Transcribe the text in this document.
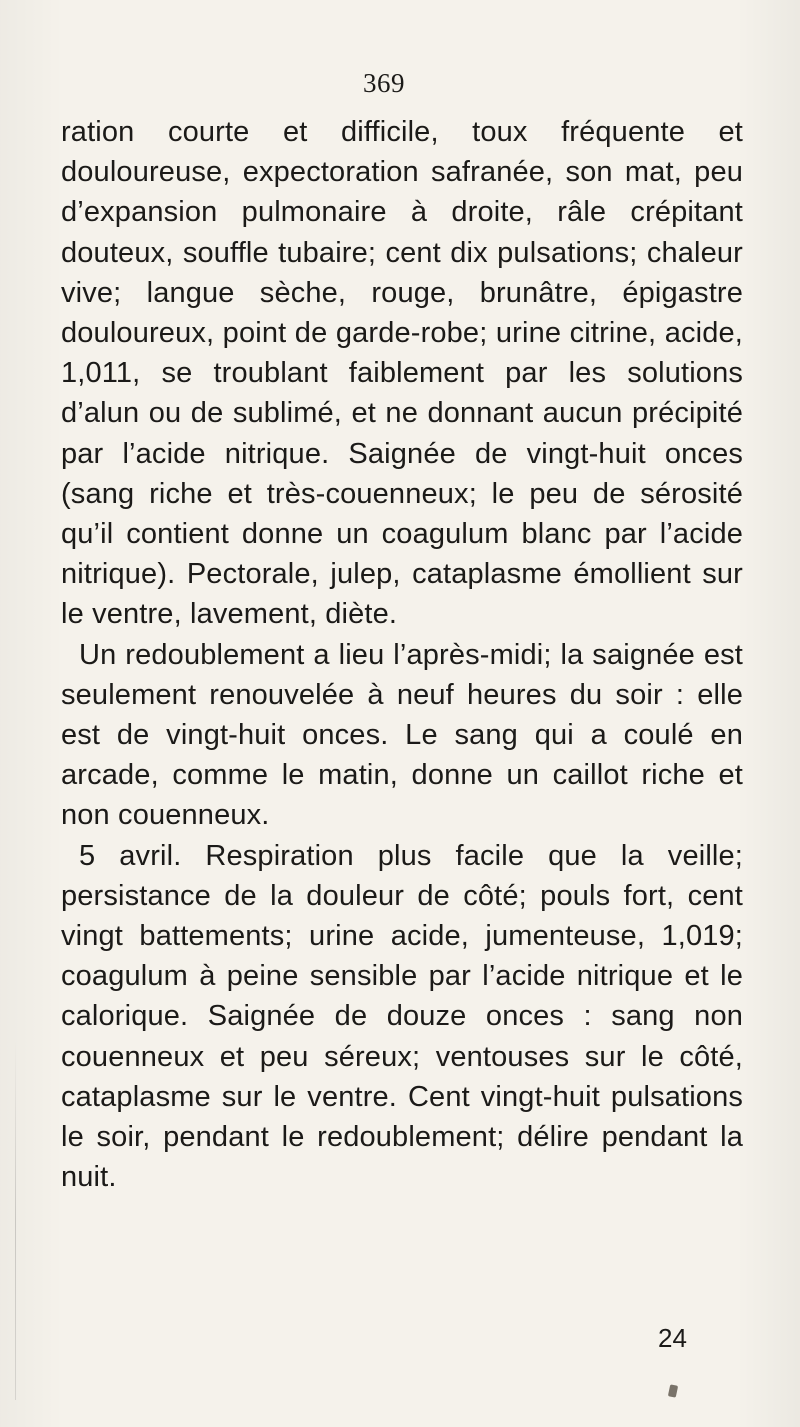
369

ration courte et difficile, toux fréquente et douloureuse, expectoration safranée, son mat, peu d’expansion pulmonaire à droite, râle crépitant douteux, souffle tubaire; cent dix pulsations; chaleur vive; langue sèche, rouge, brunâtre, épigastre douloureux, point de garde-robe; urine citrine, acide, 1,011, se troublant faiblement par les solutions d’alun ou de sublimé, et ne donnant aucun précipité par l’acide nitrique. Saignée de vingt-huit onces (sang riche et très-couenneux; le peu de sérosité qu’il contient donne un coagulum blanc par l’acide nitrique). Pectorale, julep, cataplasme émollient sur le ventre, lavement, diète.

Un redoublement a lieu l’après-midi; la saignée est seulement renouvelée à neuf heures du soir : elle est de vingt-huit onces. Le sang qui a coulé en arcade, comme le matin, donne un caillot riche et non couenneux.

5 avril. Respiration plus facile que la veille; persistance de la douleur de côté; pouls fort, cent vingt battements; urine acide, jumenteuse, 1,019; coagulum à peine sensible par l’acide nitrique et le calorique. Saignée de douze onces : sang non couenneux et peu séreux; ventouses sur le côté, cataplasme sur le ventre. Cent vingt-huit pulsations le soir, pendant le redoublement; délire pendant la nuit.

24
